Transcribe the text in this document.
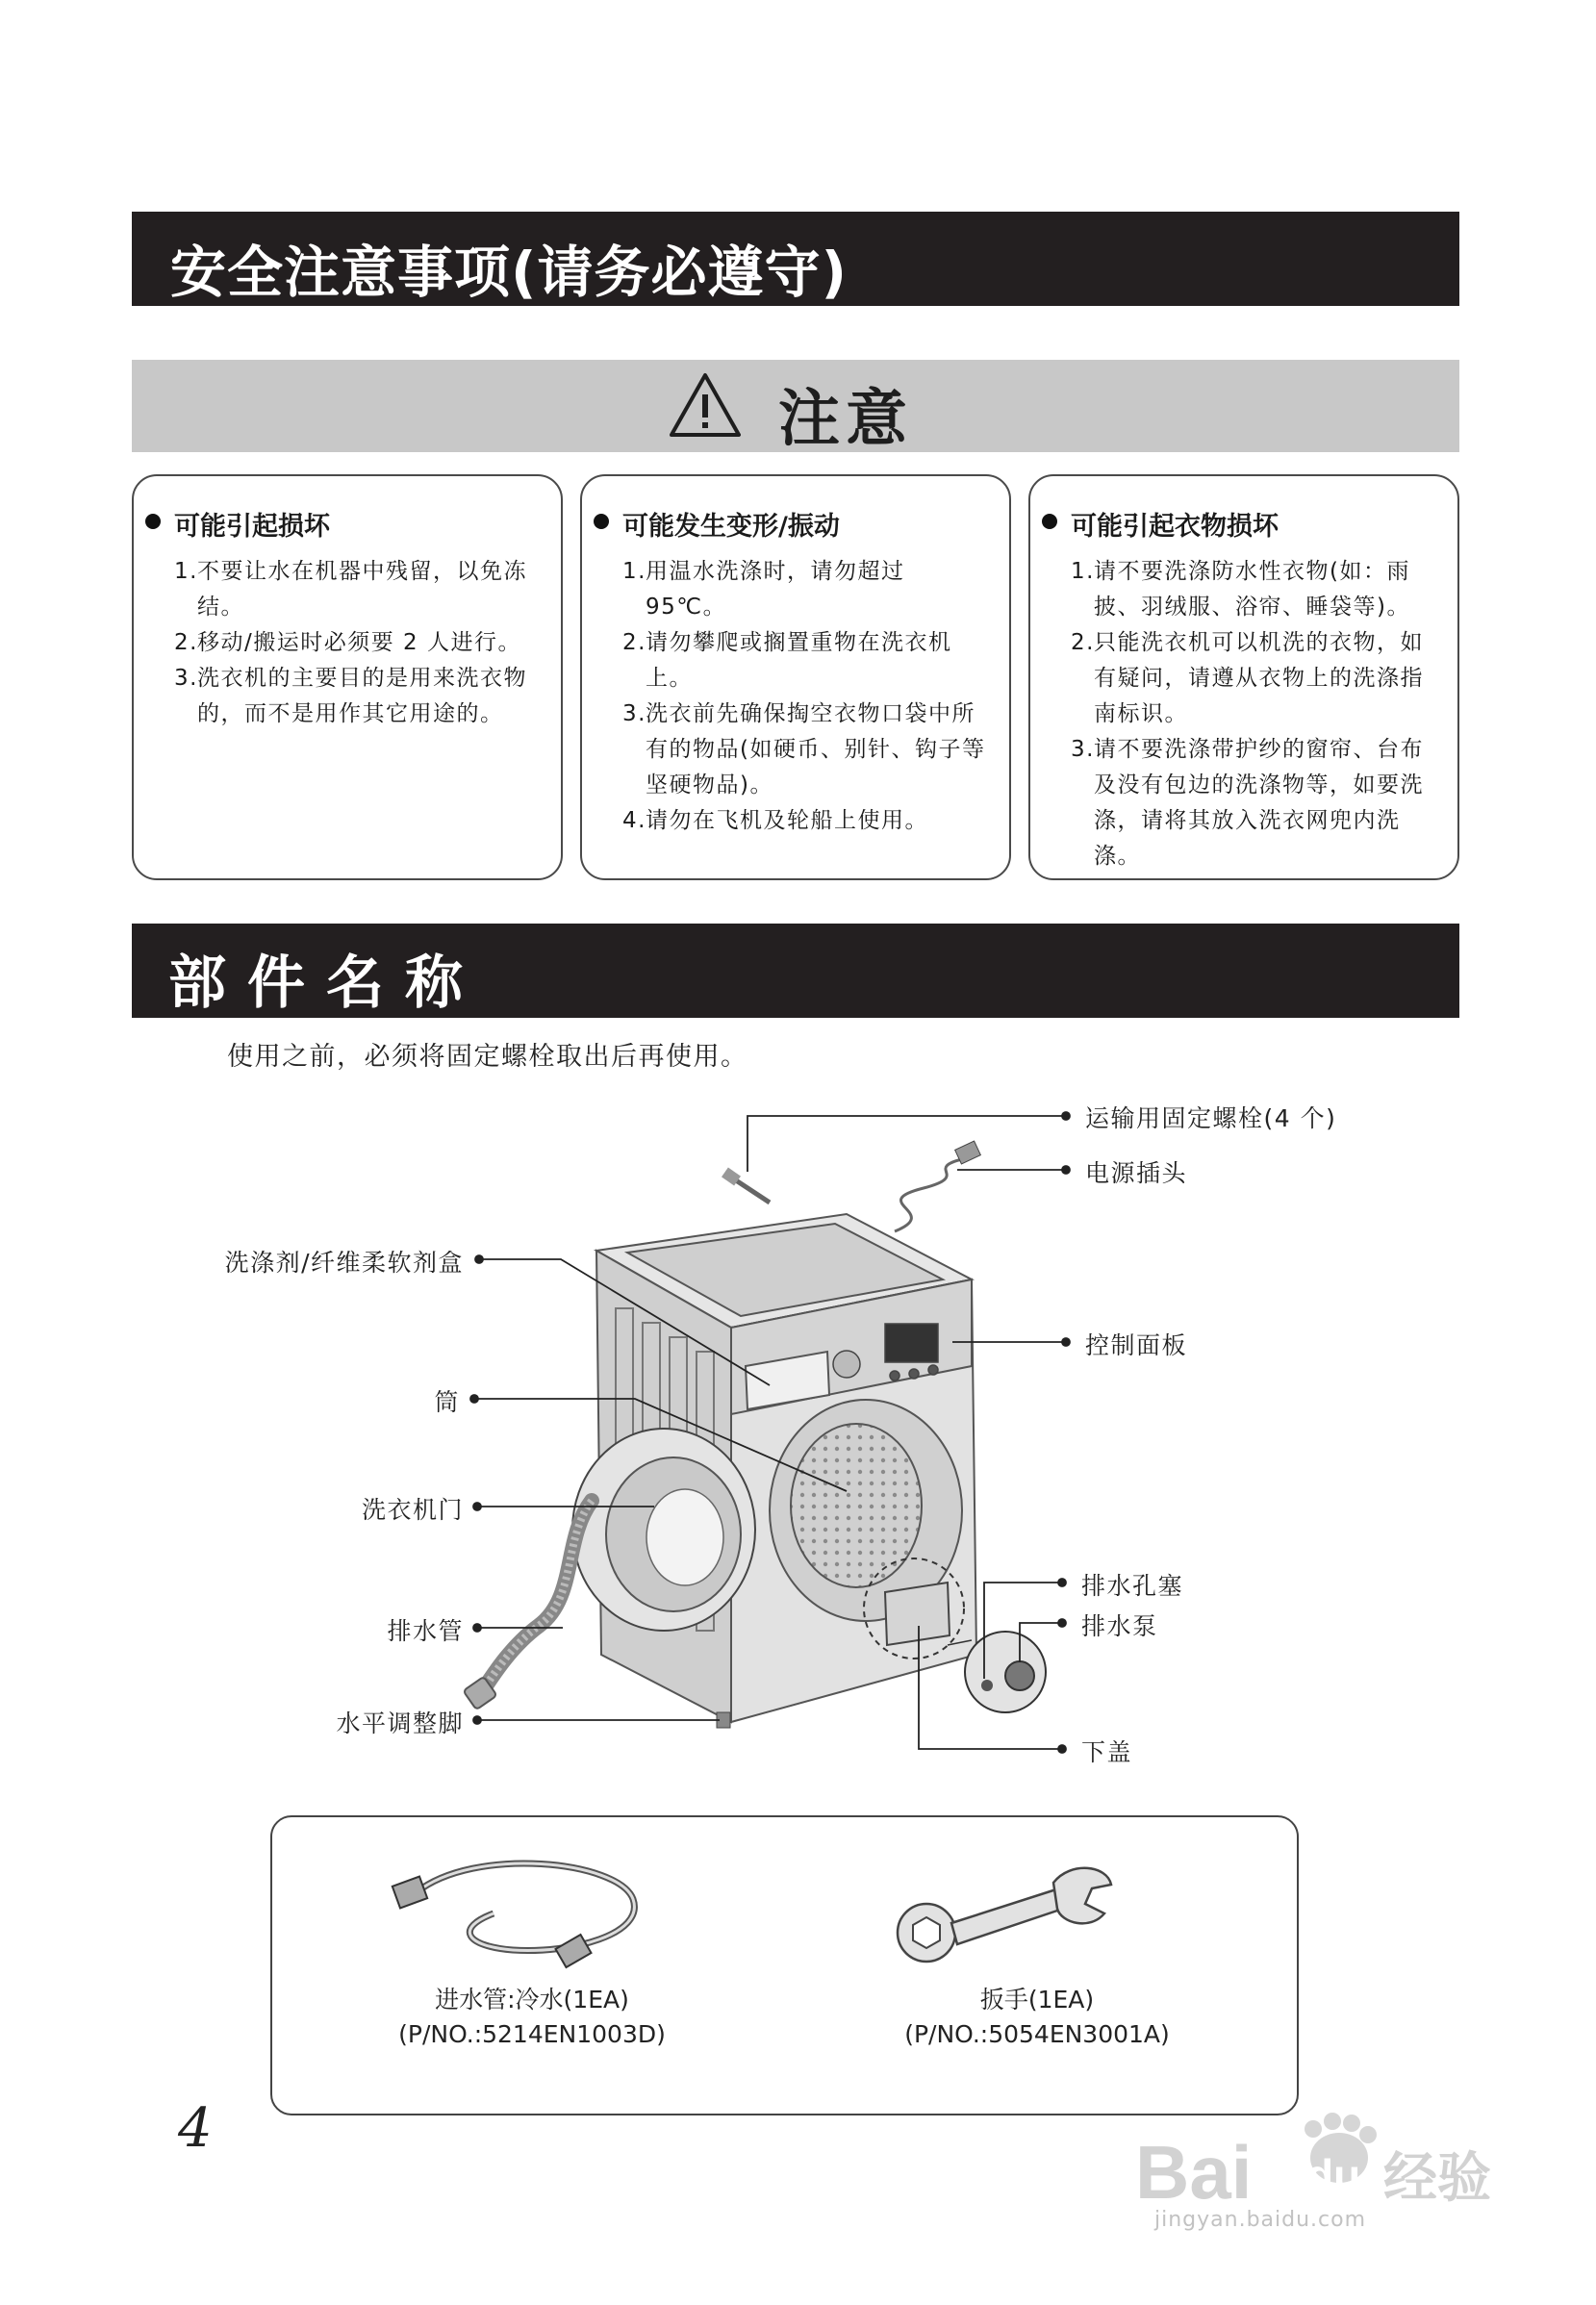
安全注意事项(请务必遵守)
注意
可能引起损坏
1. 不要让水在机器中残留，以免冻结。
2. 移动/搬运时必须要 2 人进行。
3. 洗衣机的主要目的是用来洗衣物的，而不是用作其它用途的。
可能发生变形/振动
1. 用温水洗涤时，请勿超过 95℃。
2. 请勿攀爬或搁置重物在洗衣机上。
3. 洗衣前先确保掏空衣物口袋中所有的物品(如硬币、别针、钩子等坚硬物品)。
4. 请勿在飞机及轮船上使用。
可能引起衣物损坏
1. 请不要洗涤防水性衣物(如：雨披、羽绒服、浴帘、睡袋等)。
2. 只能洗衣机可以机洗的衣物，如有疑问，请遵从衣物上的洗涤指南标识。
3. 请不要洗涤带护纱的窗帘、台布及没有包边的洗涤物等，如要洗涤，请将其放入洗衣网兜内洗涤。
部件名称
使用之前，必须将固定螺栓取出后再使用。
运输用固定螺栓(4 个)
电源插头
洗涤剂/纤维柔软剂盒
控制面板
筒
洗衣机门
排水孔塞
排水泵
排水管
下盖
水平调整脚
进水管:冷水(1EA)
(P/NO.:5214EN1003D)
扳手(1EA)
(P/NO.:5054EN3001A)
4
Bai du 经验
jingyan.baidu.com
